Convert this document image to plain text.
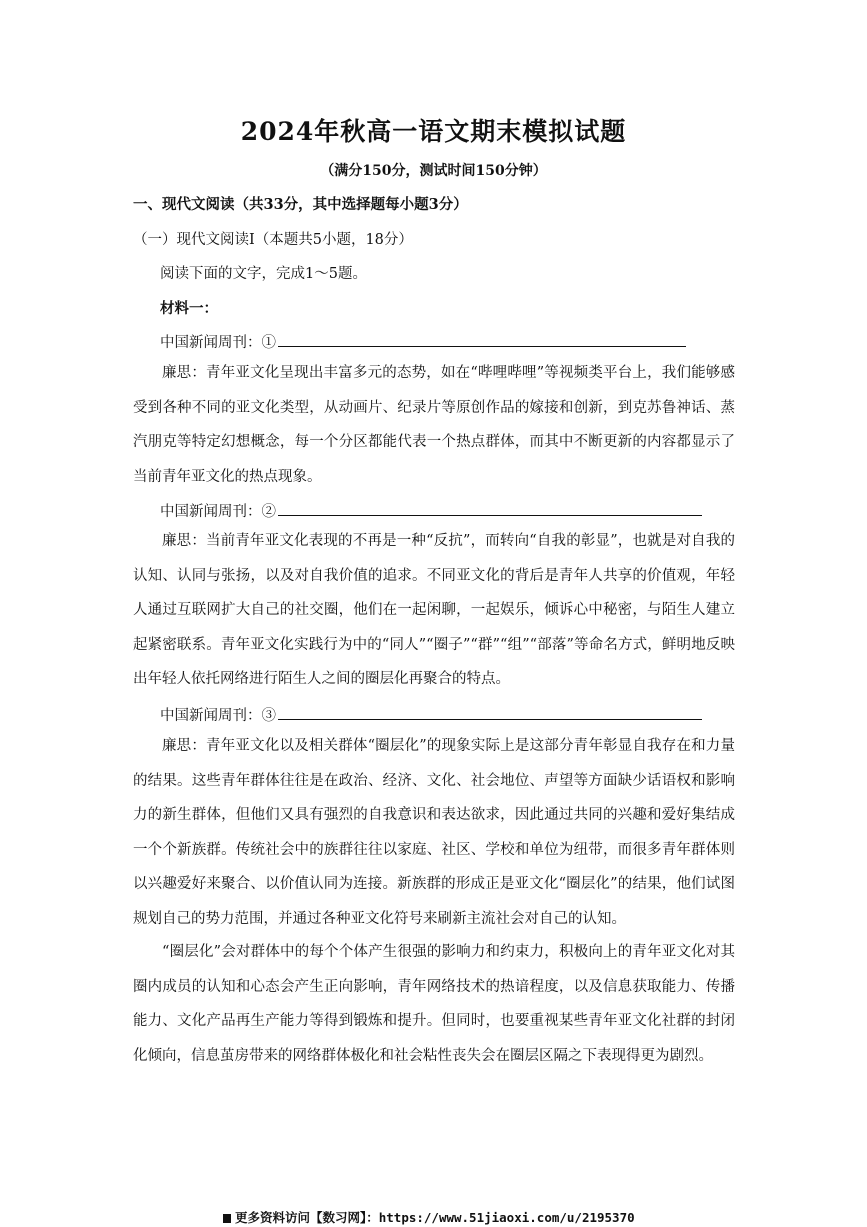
2024年秋高一语文期末模拟试题
（满分150分，测试时间150分钟）
一、现代文阅读（共33分，其中选择题每小题3分）
（一）现代文阅读Ⅰ（本题共5小题，18分）
阅读下面的文字，完成1～5题。
材料一：
中国新闻周刊：①

廉思：青年亚文化呈现出丰富多元的态势，如在“哔哩哔哩”等视频类平台上，我们能够感受到各种不同的亚文化类型，从动画片、纪录片等原创作品的嫁接和创新，到克苏鲁神话、蒸汽朋克等特定幻想概念，每一个分区都能代表一个热点群体，而其中不断更新的内容都显示了当前青年亚文化的热点现象。

中国新闻周刊：②

廉思：当前青年亚文化表现的不再是一种“反抗”，而转向“自我的彰显”，也就是对自我的认知、认同与张扬，以及对自我价值的追求。不同亚文化的背后是青年人共享的价值观，年轻人通过互联网扩大自己的社交圈，他们在一起闲聊，一起娱乐，倾诉心中秘密，与陌生人建立起紧密联系。青年亚文化实践行为中的“同人”“圈子”“群”“组”“部落”等命名方式，鲜明地反映出年轻人依托网络进行陌生人之间的圈层化再聚合的特点。

中国新闻周刊：③

廉思：青年亚文化以及相关群体“圈层化”的现象实际上是这部分青年彰显自我存在和力量的结果。这些青年群体往往是在政治、经济、文化、社会地位、声望等方面缺少话语权和影响力的新生群体，但他们又具有强烈的自我意识和表达欲求，因此通过共同的兴趣和爱好集结成一个个新族群。传统社会中的族群往往以家庭、社区、学校和单位为纽带，而很多青年群体则以兴趣爱好来聚合、以价值认同为连接。新族群的形成正是亚文化“圈层化”的结果，他们试图规划自己的势力范围，并通过各种亚文化符号来刷新主流社会对自己的认知。

“圈层化”会对群体中的每个个体产生很强的影响力和约束力，积极向上的青年亚文化对其圈内成员的认知和心态会产生正向影响，青年网络技术的热谙程度，以及信息获取能力、传播能力、文化产品再生产能力等得到锻炼和提升。但同时，也要重视某些青年亚文化社群的封闭化倾向，信息茧房带来的网络群体极化和社会粘性丧失会在圈层区隔之下表现得更为剧烈。

更多资料访问【数习网】：https://www.51jiaoxi.com/u/2195370
